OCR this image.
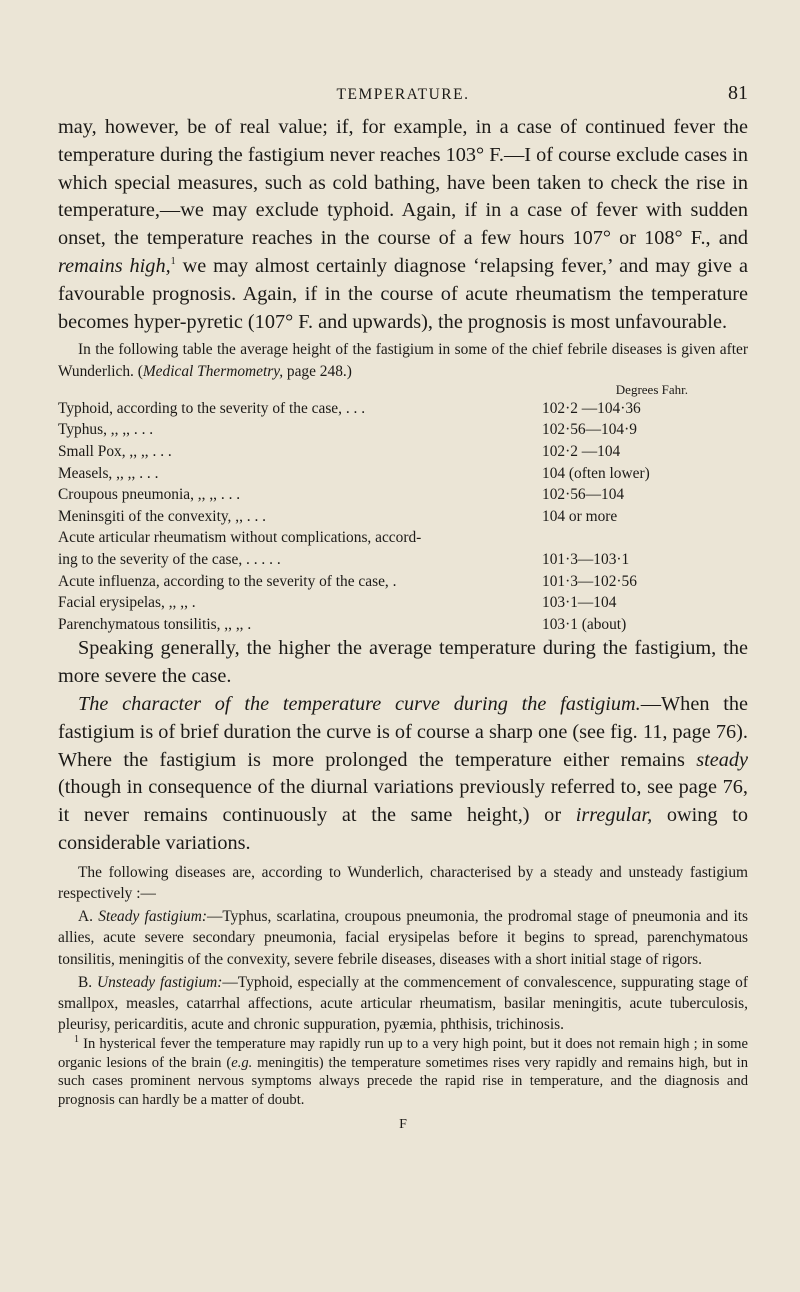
TEMPERATURE.	81

may, however, be of real value; if, for example, in a case of continued fever the temperature during the fastigium never reaches 103° F.—I of course exclude cases in which special measures, such as cold bathing, have been taken to check the rise in temperature,—we may exclude typhoid. Again, if in a case of fever with sudden onset, the temperature reaches in the course of a few hours 107° or 108° F., and remains high,$^1$ we may almost certainly diagnose ‘relapsing fever,’ and may give a favourable prognosis. Again, if in the course of acute rheumatism the temperature becomes hyper-pyretic (107° F. and upwards), the prognosis is most unfavourable.

In the following table the average height of the fastigium in some of the chief febrile diseases is given after Wunderlich. (Medical Thermometry, page 248.)

	Degrees Fahr.
Typhoid, according to the severity of the case, . . .	102·2 —104·36
Typhus, ,, ,, . . .	102·56—104·9
Small Pox, ,, ,, . . .	102·2 —104
Measels, ,, ,, . . .	104 (often lower)
Croupous pneumonia, ,, ,, . . .	102·56—104
Meninsgiti of the convexity, ,, . . .	104 or more
Acute articular rheumatism without complications, accord-	
ing to the severity of the case, . . . . .	101·3—103·1
Acute influenza, according to the severity of the case, .	101·3—102·56
Facial erysipelas, ,, ,, .	103·1—104
Parenchymatous tonsilitis, ,, ,, .	103·1 (about)

Speaking generally, the higher the average temperature during the fastigium, the more severe the case.

The character of the temperature curve during the fastigium.—When the fastigium is of brief duration the curve is of course a sharp one (see fig. 11, page 76). Where the fastigium is more prolonged the temperature either remains steady (though in consequence of the diurnal variations previously referred to, see page 76, it never remains continuously at the same height,) or irregular, owing to considerable variations.

The following diseases are, according to Wunderlich, characterised by a steady and unsteady fastigium respectively :—

A. Steady fastigium:—Typhus, scarlatina, croupous pneumonia, the prodromal stage of pneumonia and its allies, acute severe secondary pneumonia, facial erysipelas before it begins to spread, parenchymatous tonsilitis, meningitis of the convexity, severe febrile diseases, diseases with a short initial stage of rigors.

B. Unsteady fastigium:—Typhoid, especially at the commencement of convalescence, suppurating stage of smallpox, measles, catarrhal affections, acute articular rheumatism, basilar meningitis, acute tuberculosis, pleurisy, pericarditis, acute and chronic suppuration, pyæmia, phthisis, trichinosis.

$^1$ In hysterical fever the temperature may rapidly run up to a very high point, but it does not remain high ; in some organic lesions of the brain (e.g. meningitis) the temperature sometimes rises very rapidly and remains high, but in such cases prominent nervous symptoms always precede the rapid rise in temperature, and the diagnosis and prognosis can hardly be a matter of doubt.

F
